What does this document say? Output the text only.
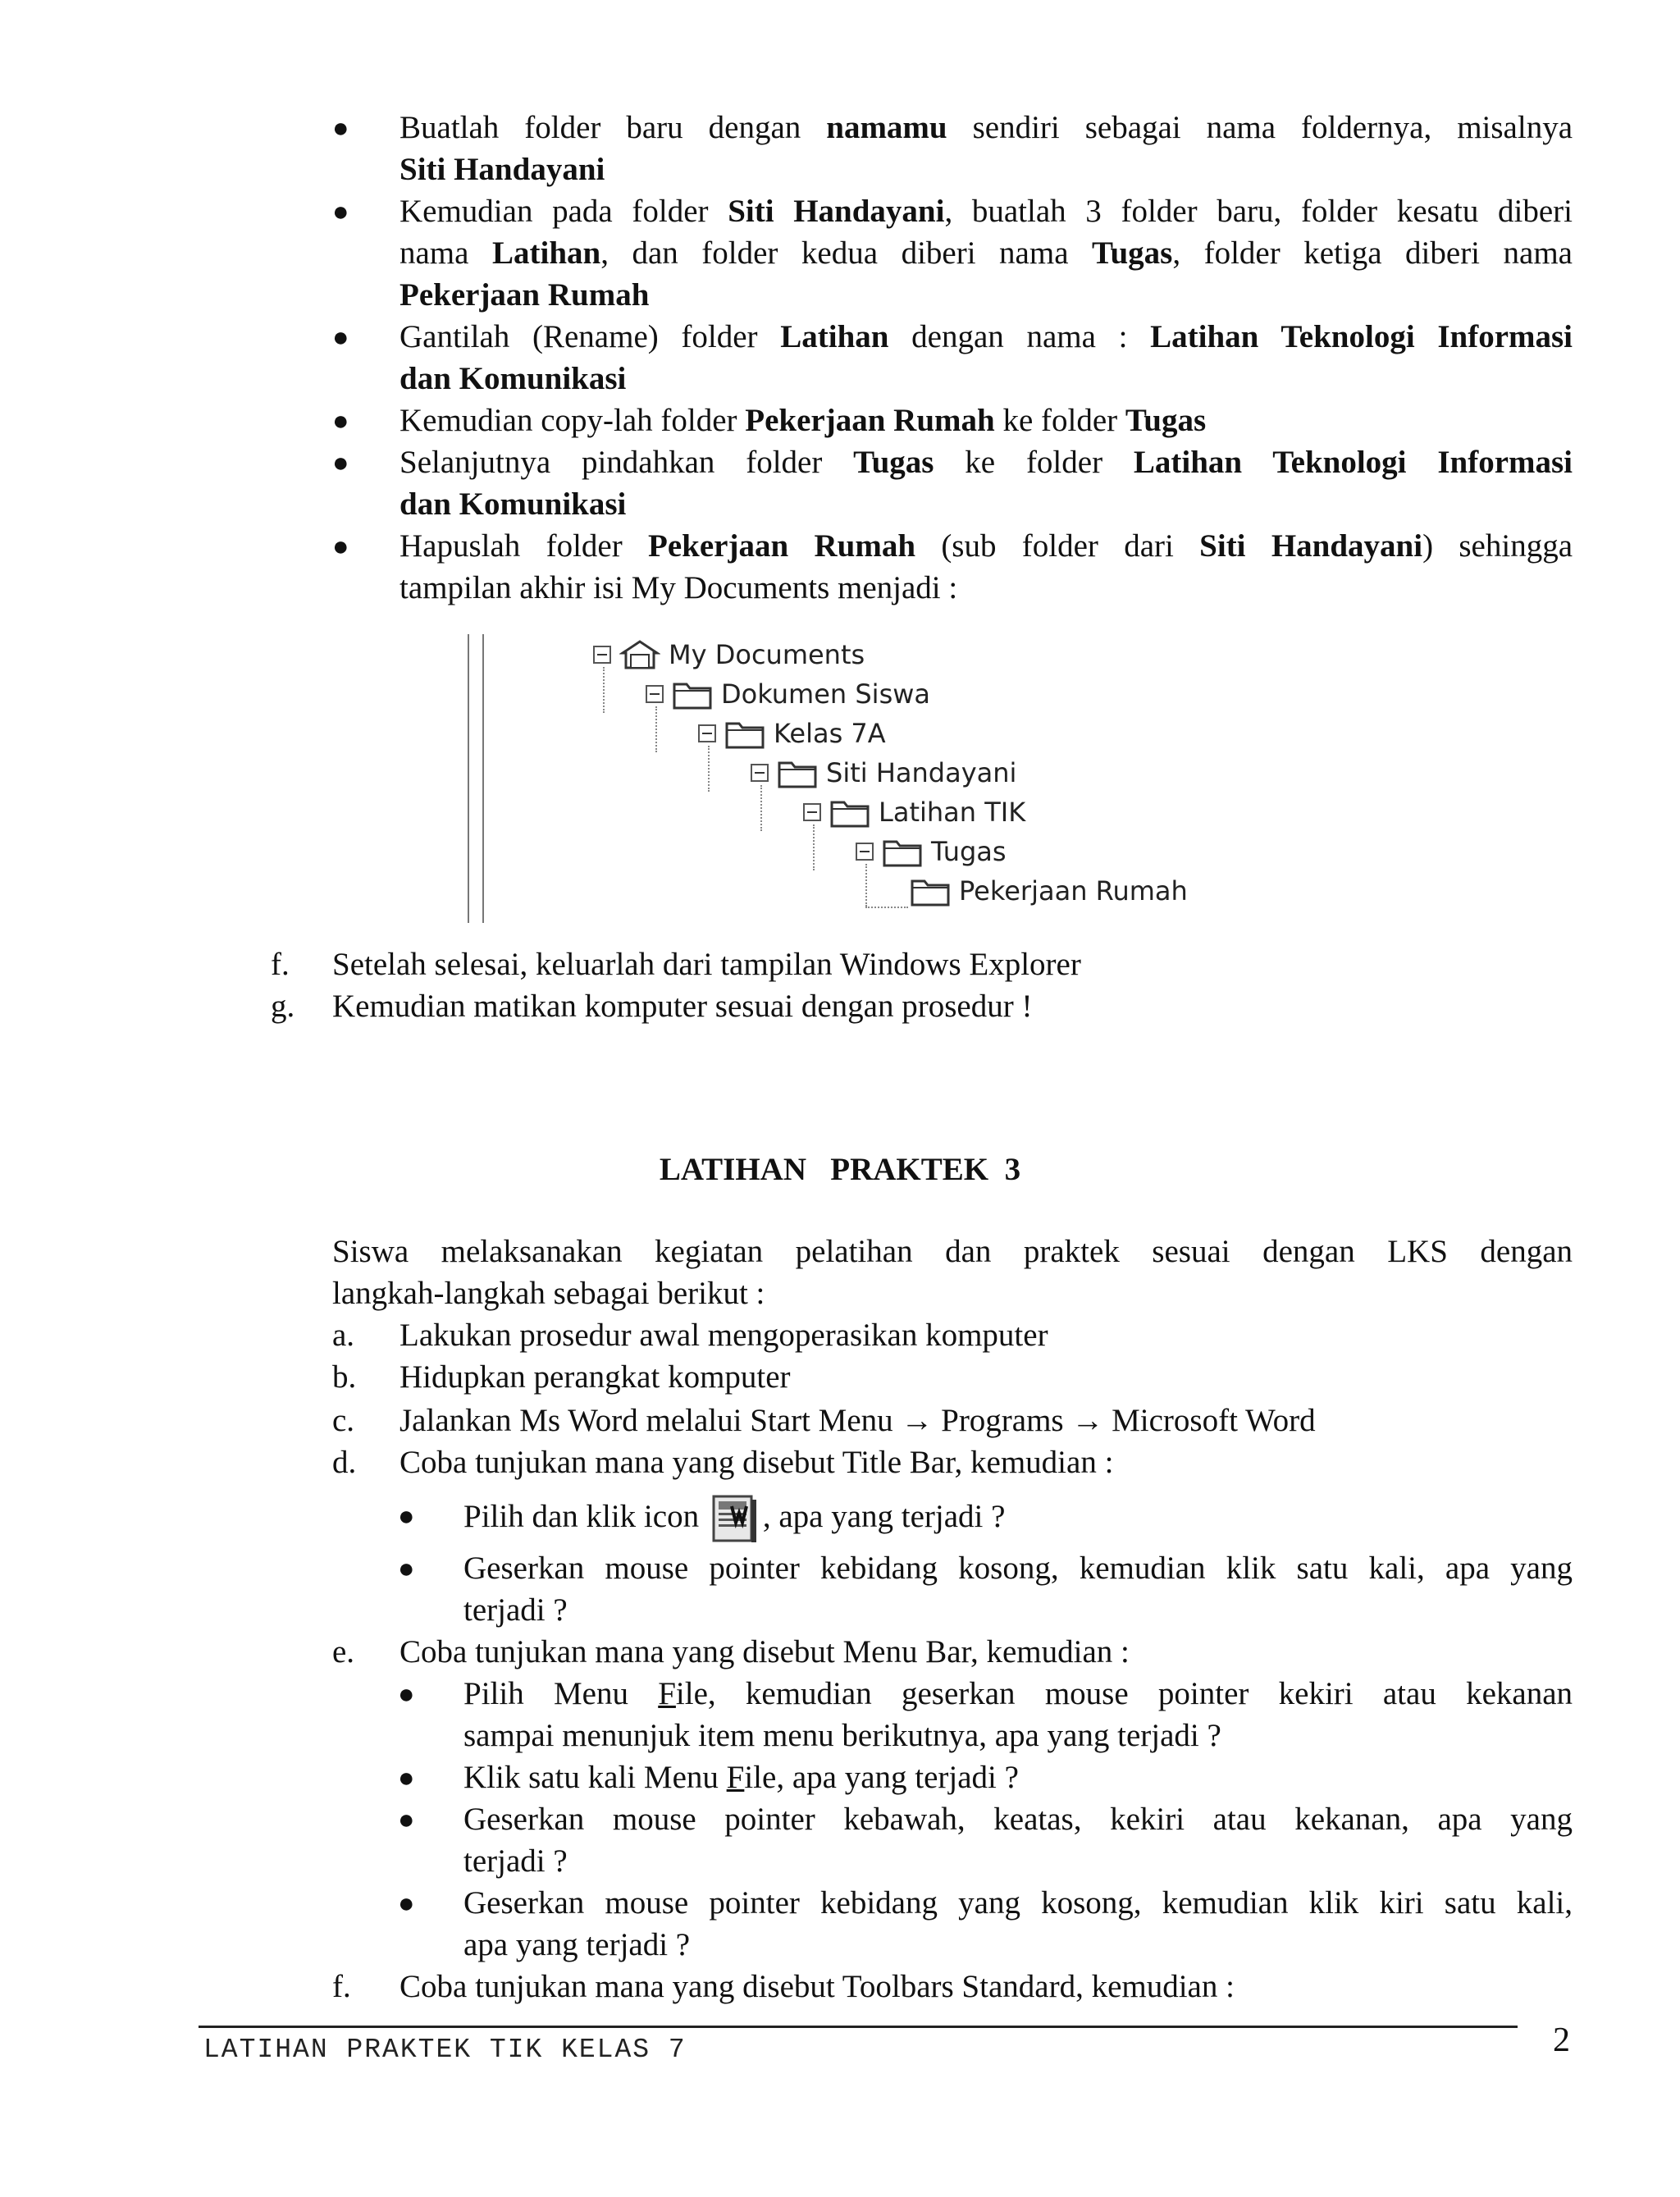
● Buatlah folder baru dengan namamu sendiri sebagai nama foldernya, misalnya
Siti Handayani
● Kemudian pada folder Siti Handayani, buatlah 3 folder baru, folder kesatu diberi
nama Latihan, dan folder kedua diberi nama Tugas, folder ketiga diberi nama
Pekerjaan Rumah
● Gantilah (Rename) folder Latihan dengan nama : Latihan Teknologi Informasi
dan Komunikasi
● Kemudian copy-lah folder Pekerjaan Rumah ke folder Tugas
● Selanjutnya pindahkan folder Tugas ke folder Latihan Teknologi Informasi
dan Komunikasi
● Hapuslah folder Pekerjaan Rumah (sub folder dari Siti Handayani) sehingga
tampilan akhir isi My Documents menjadi :
My Documents
Dokumen Siswa
Kelas 7A
Siti Handayani
Latihan TIK
Tugas
Pekerjaan Rumah
f. Setelah selesai, keluarlah dari tampilan Windows Explorer
g. Kemudian matikan komputer sesuai dengan prosedur !
LATIHAN   PRAKTEK  3
Siswa melaksanakan kegiatan pelatihan dan praktek sesuai dengan LKS dengan
langkah-langkah sebagai berikut :
a. Lakukan prosedur awal mengoperasikan komputer
b. Hidupkan perangkat komputer
c. Jalankan Ms Word melalui Start Menu → Programs → Microsoft Word
d. Coba tunjukan mana yang disebut Title Bar, kemudian :
● Pilih dan klik icon , apa yang terjadi ?
● Geserkan mouse pointer kebidang kosong, kemudian klik satu kali, apa yang
terjadi ?
e. Coba tunjukan mana yang disebut Menu Bar, kemudian :
● Pilih Menu File, kemudian geserkan mouse pointer kekiri atau kekanan
sampai menunjuk item menu berikutnya, apa yang terjadi ?
● Klik satu kali Menu File, apa yang terjadi ?
● Geserkan mouse pointer kebawah, keatas, kekiri atau kekanan, apa yang
terjadi ?
● Geserkan mouse pointer kebidang yang kosong, kemudian klik kiri satu kali,
apa yang terjadi ?
f. Coba tunjukan mana yang disebut Toolbars Standard, kemudian :
LATIHAN PRAKTEK TIK KELAS 7	2
